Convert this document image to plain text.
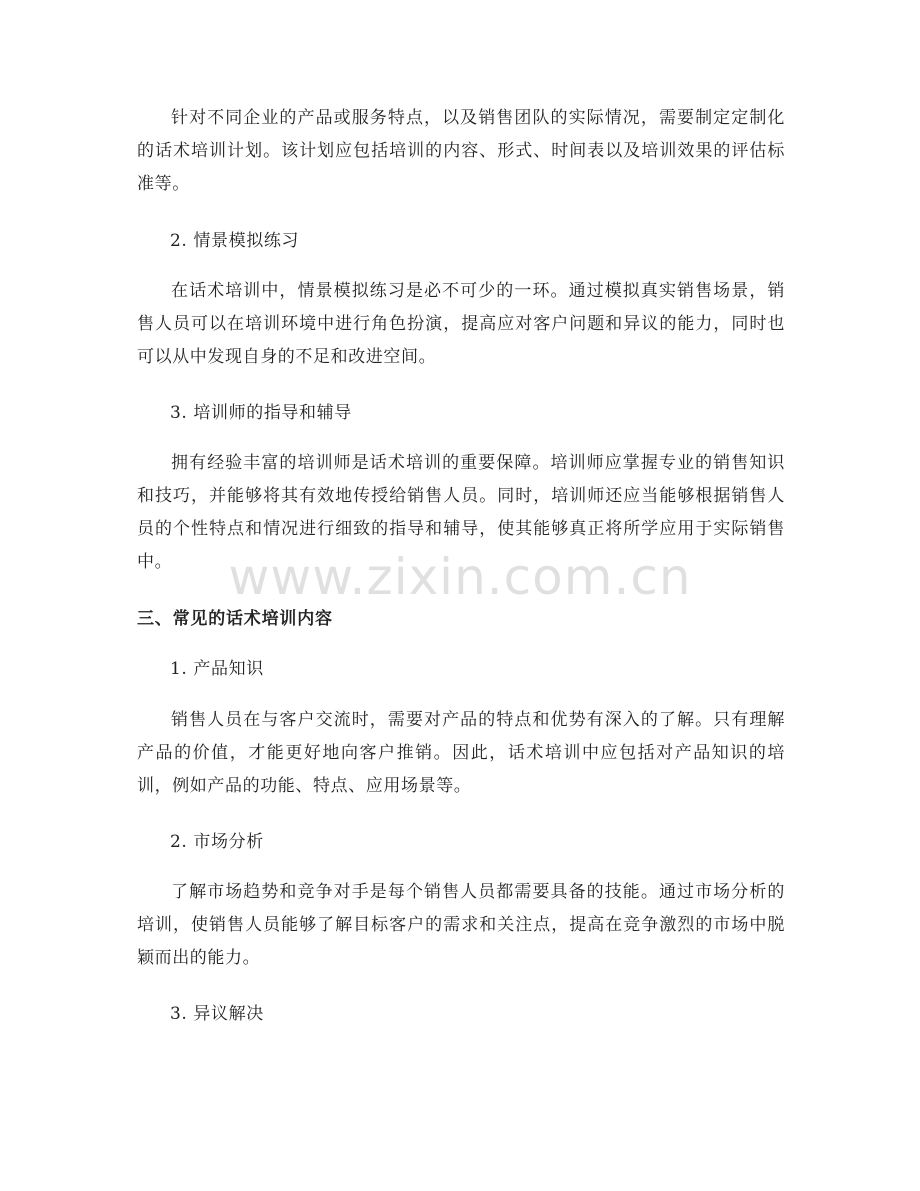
针对不同企业的产品或服务特点，以及销售团队的实际情况，需要制定定制化的话术培训计划。该计划应包括培训的内容、形式、时间表以及培训效果的评估标准等。

2. 情景模拟练习

在话术培训中，情景模拟练习是必不可少的一环。通过模拟真实销售场景，销售人员可以在培训环境中进行角色扮演，提高应对客户问题和异议的能力，同时也可以从中发现自身的不足和改进空间。

3. 培训师的指导和辅导

拥有经验丰富的培训师是话术培训的重要保障。培训师应掌握专业的销售知识和技巧，并能够将其有效地传授给销售人员。同时，培训师还应当能够根据销售人员的个性特点和情况进行细致的指导和辅导，使其能够真正将所学应用于实际销售中。

三、常见的话术培训内容

1. 产品知识

销售人员在与客户交流时，需要对产品的特点和优势有深入的了解。只有理解产品的价值，才能更好地向客户推销。因此，话术培训中应包括对产品知识的培训，例如产品的功能、特点、应用场景等。

2. 市场分析

了解市场趋势和竞争对手是每个销售人员都需要具备的技能。通过市场分析的培训，使销售人员能够了解目标客户的需求和关注点，提高在竞争激烈的市场中脱颖而出的能力。

3. 异议解决

www.zixin.com.cn
